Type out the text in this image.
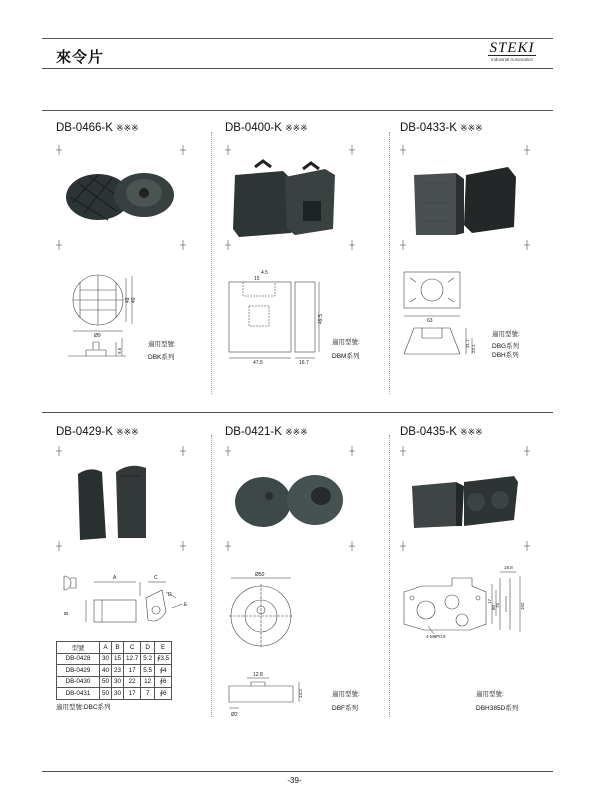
來令片
STEKI
Industrial Automation
DB-0466-K ※※※
49 40
Ø9
9.5
適用型號:
DBK系列
DB-0400-K ※※※
4.5
15
49.5
47.5	16.7
適用型號:
DBM系列
DB-0433-K ※※※
63
31.7
22.1
適用型號:
DBG系列
DBH系列
DB-0429-K ※※※
A
B
C
D
E
型號	A	B	C	D	E
DB-0428	30	15	12.7	5.2	∮3.5
DB-0429	40	23	17	5.5	∮4
DB-0430	50	30	22	12	∮6
DB-0431	50	30	17	7	∮6
適用型號:DBC系列
DB-0421-K ※※※
Ø50
12.8
14.2
Ø2
適用型號:
DBF系列
DB-0435-K ※※※
19.8
17
80 76	102
4-M6P0.8
適用型號:
DBH385D系列
-39-
